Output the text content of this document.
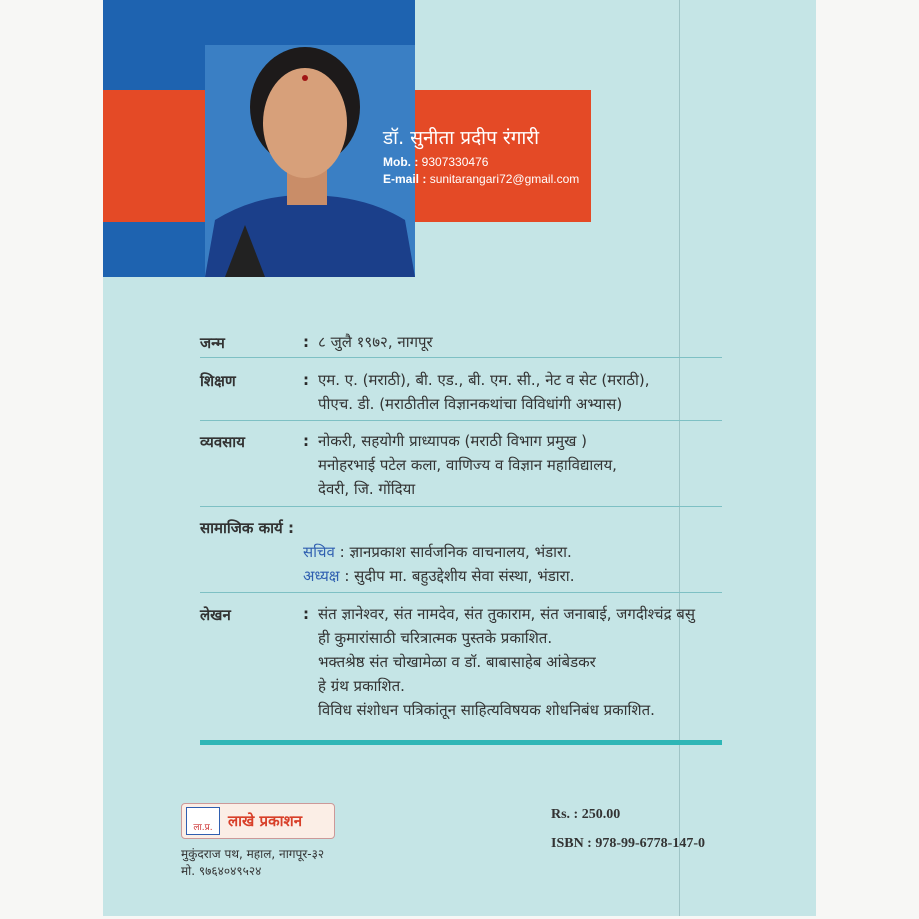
डॉ. सुनीता प्रदीप रंगारी
Mob. : 9307330476
E-mail : sunitarangari72@gmail.com
जन्म	: ८ जुलै १९७२, नागपूर
शिक्षण	: एम. ए. (मराठी), बी. एड., बी. एम. सी., नेट व सेट (मराठी),
पीएच. डी. (मराठीतील विज्ञानकथांचा विविधांगी अभ्यास)
व्यवसाय	: नोकरी, सहयोगी प्राध्यापक (मराठी विभाग प्रमुख )
मनोहरभाई पटेल कला, वाणिज्य व विज्ञान महाविद्यालय,
देवरी, जि. गोंदिया
सामाजिक कार्य :
सचिव : ज्ञानप्रकाश सार्वजनिक वाचनालय, भंडारा.
अध्यक्ष : सुदीप मा. बहुउद्देशीय सेवा संस्था, भंडारा.
लेखन	: संत ज्ञानेश्वर, संत नामदेव, संत तुकाराम, संत जनाबाई, जगदीश्चंद्र बसु
ही कुमारांसाठी चरित्रात्मक पुस्तके प्रकाशित.
भक्तश्रेष्ठ संत चोखामेळा व डॉ. बाबासाहेब आंबेडकर
हे ग्रंथ प्रकाशित.
विविध संशोधन पत्रिकांतून साहित्यविषयक शोधनिबंध प्रकाशित.
ला.प्र.	लाखे प्रकाशन
मुकुंदराज पथ, महाल, नागपूर-३२
मो. ९७६४०४९५२४
Rs. : 250.00
ISBN : 978-99-6778-147-0
